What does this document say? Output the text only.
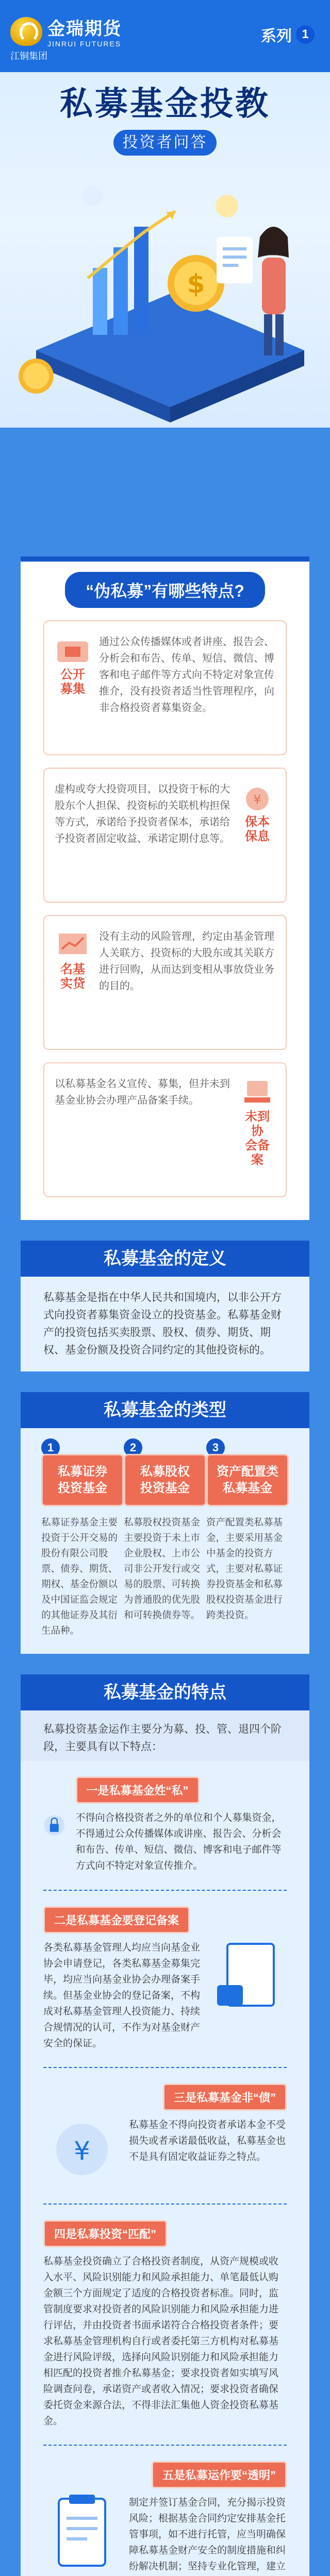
金瑞期货
JINRUI FUTURES
江铜集团
系列 1
私募基金投教
投资者问答
$
“伪私募”有哪些特点?
公开
募集
通过公众传播媒体或者讲座、报告会、分析会和布告、传单、短信、微信、博客和电子邮件等方式向不特定对象宣传推介，没有投资者适当性管理程序，向非合格投资者募集资金。
虚构或夸大投资项目，以投资于标的大股东个人担保、投资标的关联机构担保等方式，承诺给予投资者保本，承诺给予投资者固定收益、承诺定期付息等。
¥
保本
保息
名基
实贷
没有主动的风险管理，约定由基金管理人关联方、投资标的大股东或其关联方进行回购，从而达到变相从事放贷业务的目的。
以私募基金名义宣传、募集，但并未到基金业协会办理产品备案手续。
未到协
会备案
私募基金的定义
私募基金是指在中华人民共和国境内，以非公开方式向投资者募集资金设立的投资基金。私募基金财产的投资包括买卖股票、股权、债券、期货、期权、基金份额及投资合同约定的其他投资标的。
私募基金的类型
1
私募证券
投资基金
私募证券基金主要投资于公开交易的股份有限公司股票、债券、期货、期权、基金份额以及中国证监会规定的其他证券及其衍生品种。
2
私募股权
投资基金
私募股权投资基金主要投资于未上市企业股权、上市公司非公开发行或交易的股票、可转换为普通股的优先股和可转换债券等。
3
资产配置类
私募基金
资产配置类私募基金，主要采用基金中基金的投资方式，主要对私募证券投资基金和私募股权投资基金进行跨类投资。
私募基金的特点
私募投资基金运作主要分为募、投、管、退四个阶段，主要具有以下特点：
一是私募基金姓“私”
不得向合格投资者之外的单位和个人募集资金，不得通过公众传播媒体或讲座、报告会、分析会和布告、传单、短信、微信、博客和电子邮件等方式向不特定对象宣传推介。
二是私募基金要登记备案
各类私募基金管理人均应当向基金业协会申请登记，各类私募基金募集完毕，均应当向基金业协会办理备案手续。但基金业协会的登记备案，不构成对私募基金管理人投资能力、持续合规情况的认可，不作为对基金财产安全的保证。
三是私募基金非“债”
¥
私募基金不得向投资者承诺本金不受损失或者承诺最低收益，私募基金也不是具有固定收益证券之特点。
四是私募投资“匹配”
私募基金投资确立了合格投资者制度，从资产规模或收入水平、风险识别能力和风险承担能力、单笔最低认购金额三个方面规定了适度的合格投资者标准。同时，监管制度要求对投资者的风险识别能力和风险承担能力进行评估，并由投资者书面承诺符合合格投资者条件；要求私募基金管理机构自行或者委托第三方机构对私募基金进行风险评级，选择向风险识别能力和风险承担能力相匹配的投资者推介私募基金；要求投资者如实填写风险调查问卷，承诺资产或者收入情况；要求投资者确保委托资金来源合法，不得非法汇集他人资金投资私募基金。
五是私募运作要“透明”
制定并签订基金合同，充分揭示投资风险；根据基金合同约定安排基金托管事项，如不进行托管，应当明确保障私募基金财产安全的制度措施和纠纷解决机制；坚持专业化管理，建立
